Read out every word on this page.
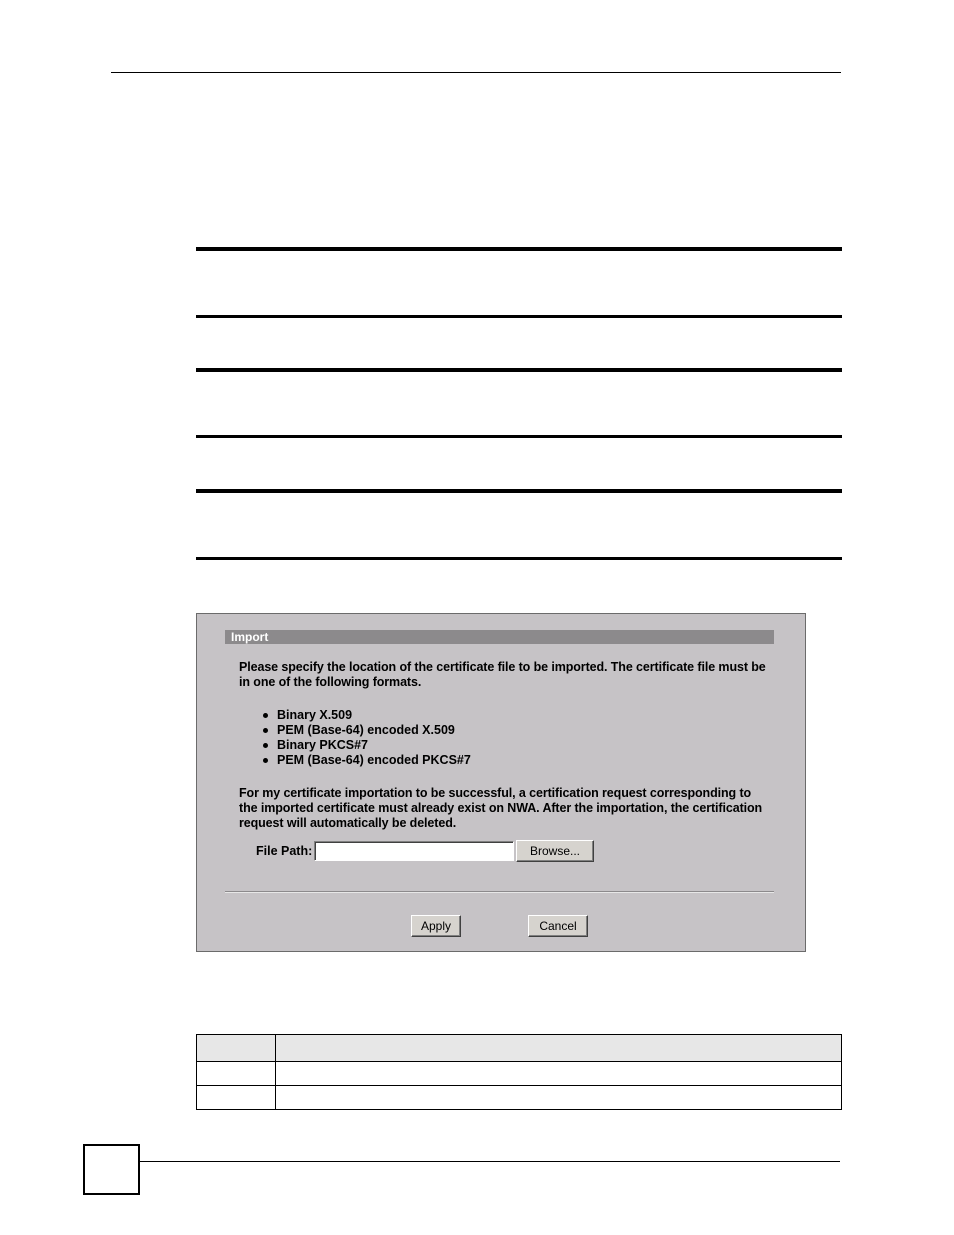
Import
Please specify the location of the certificate file to be imported. The certificate file must be in one of the following formats.
Binary X.509
PEM (Base-64) encoded X.509
Binary PKCS#7
PEM (Base-64) encoded PKCS#7
For my certificate importation to be successful, a certification request corresponding to the imported certificate must already exist on NWA. After the importation, the certification request will automatically be deleted.
File Path:	Browse...
Apply	Cancel
